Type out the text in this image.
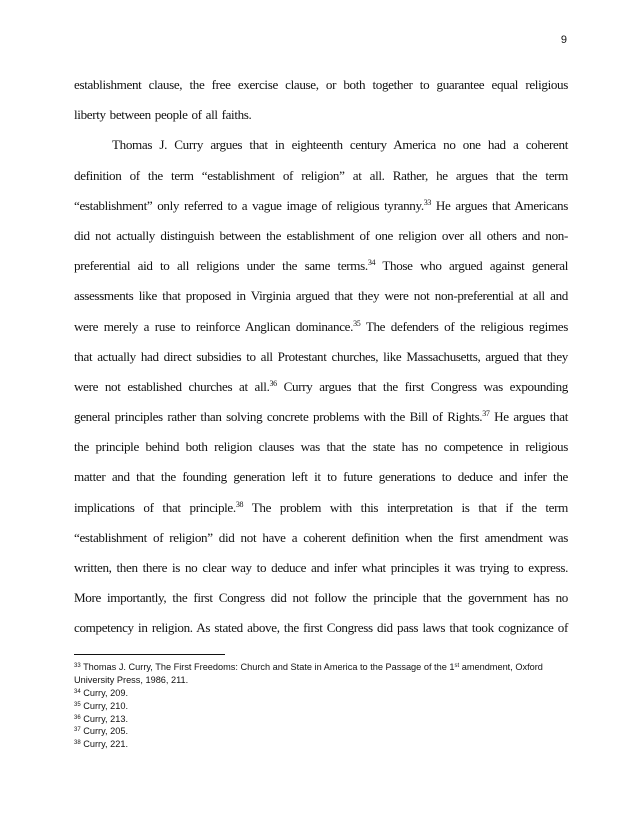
9
establishment clause, the free exercise clause, or both together to guarantee equal religious
liberty between people of all faiths.
Thomas J. Curry argues that in eighteenth century America no one had a coherent
definition of the term “establishment of religion” at all. Rather, he argues that the term
“establishment” only referred to a vague image of religious tyranny.$^{33}$ He argues that Americans
did not actually distinguish between the establishment of one religion over all others and non-
preferential aid to all religions under the same terms.$^{34}$ Those who argued against general
assessments like that proposed in Virginia argued that they were not non-preferential at all and
were merely a ruse to reinforce Anglican dominance.$^{35}$ The defenders of the religious regimes
that actually had direct subsidies to all Protestant churches, like Massachusetts, argued that they
were not established churches at all.$^{36}$ Curry argues that the first Congress was expounding
general principles rather than solving concrete problems with the Bill of Rights.$^{37}$ He argues that
the principle behind both religion clauses was that the state has no competence in religious
matter and that the founding generation left it to future generations to deduce and infer the
implications of that principle.$^{38}$ The problem with this interpretation is that if the term
“establishment of religion” did not have a coherent definition when the first amendment was
written, then there is no clear way to deduce and infer what principles it was trying to express.
More importantly, the first Congress did not follow the principle that the government has no
competency in religion. As stated above, the first Congress did pass laws that took cognizance of
$^{33}$ Thomas J. Curry, The First Freedoms: Church and State in America to the Passage of the 1st amendment, Oxford
University Press, 1986, 211.
$^{34}$ Curry, 209.
$^{35}$ Curry, 210.
$^{36}$ Curry, 213.
$^{37}$ Curry, 205.
$^{38}$ Curry, 221.
